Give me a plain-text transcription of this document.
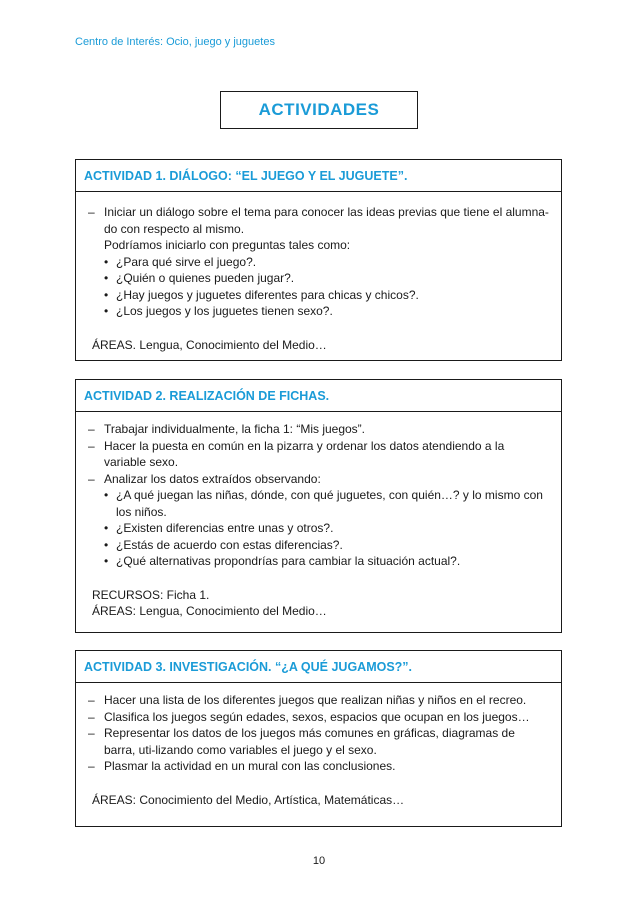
Centro de Interés: Ocio, juego y juguetes
ACTIVIDADES
ACTIVIDAD 1. DIÁLOGO: “EL JUEGO Y EL JUGUETE”.
– Iniciar un diálogo sobre el tema para conocer las ideas previas que tiene el alumna-do con respecto al mismo.
Podríamos iniciarlo con preguntas tales como:
• ¿Para qué sirve el juego?.
• ¿Quién o quienes pueden jugar?.
• ¿Hay juegos y juguetes diferentes para chicas y chicos?.
• ¿Los juegos y los juguetes tienen sexo?.
ÁREAS. Lengua, Conocimiento del Medio…
ACTIVIDAD 2. REALIZACIÓN DE FICHAS.
– Trabajar individualmente, la ficha 1: “Mis juegos”.
– Hacer la puesta en común en la pizarra y ordenar los datos atendiendo a la variable sexo.
– Analizar los datos extraídos observando:
• ¿A qué juegan las niñas, dónde, con qué juguetes, con quién…? y lo mismo con los niños.
• ¿Existen diferencias entre unas y otros?.
• ¿Estás de acuerdo con estas diferencias?.
• ¿Qué alternativas propondrías para cambiar la situación actual?.
RECURSOS: Ficha 1.
ÁREAS: Lengua, Conocimiento del Medio…
ACTIVIDAD 3. INVESTIGACIÓN. “¿A QUÉ JUGAMOS?”.
– Hacer una lista de los diferentes juegos que realizan niñas y niños en el recreo.
– Clasifica los juegos según edades, sexos, espacios que ocupan en los juegos…
– Representar los datos de los juegos más comunes en gráficas, diagramas de barra, uti-lizando como variables el juego y el sexo.
– Plasmar la actividad en un mural con las conclusiones.
ÁREAS: Conocimiento del Medio, Artística, Matemáticas…
10
